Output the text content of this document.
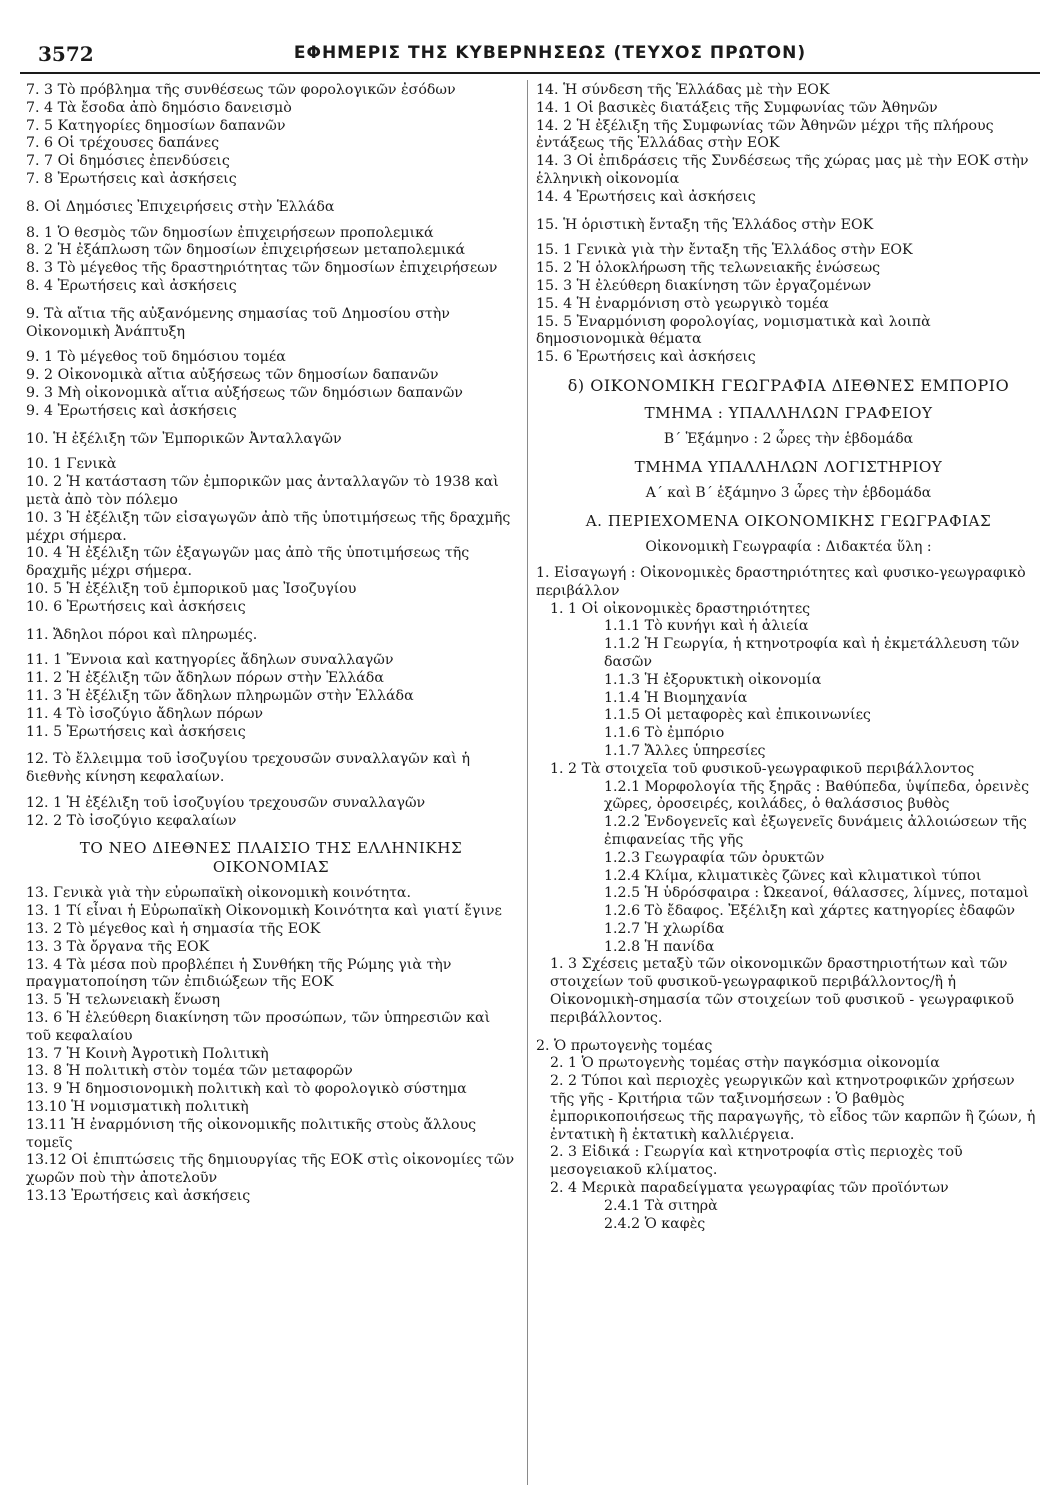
3572	ΕΦΗΜΕΡΙΣ ΤΗΣ ΚΥΒΕΡΝΗΣΕΩΣ (ΤΕΥΧΟΣ ΠΡΩΤΟΝ)

7. 3 Τὸ πρόβλημα τῆς συνθέσεως τῶν φορολογικῶν ἐσόδων

7. 4 Τὰ ἔσοδα ἀπὸ δημόσιο δανεισμὸ

7. 5 Κατηγορίες δημοσίων δαπανῶν

7. 6 Οἱ τρέχουσες δαπάνες

7. 7 Οἱ δημόσιες ἐπενδύσεις

7. 8 Ἐρωτήσεις καὶ ἀσκήσεις

8. Οἱ Δημόσιες Ἐπιχειρήσεις στὴν Ἑλλάδα

8. 1 Ὁ θεσμὸς τῶν δημοσίων ἐπιχειρήσεων προπολεμικά

8. 2 Ἡ ἐξάπλωση τῶν δημοσίων ἐπιχειρήσεων μεταπολεμικά

8. 3 Τὸ μέγεθος τῆς δραστηριότητας τῶν δημοσίων ἐπιχειρήσεων

8. 4 Ἐρωτήσεις καὶ ἀσκήσεις

9. Τὰ αἴτια τῆς αὐξανόμενης σημασίας τοῦ Δημοσίου στὴν Οἰκονομικὴ Ἀνάπτυξη

9. 1 Τὸ μέγεθος τοῦ δημόσιου τομέα

9. 2 Οἰκονομικὰ αἴτια αὐξήσεως τῶν δημοσίων δαπανῶν

9. 3 Μὴ οἰκονομικὰ αἴτια αὐξήσεως τῶν δημόσιων δαπανῶν

9. 4 Ἐρωτήσεις καὶ ἀσκήσεις

10. Ἡ ἐξέλιξη τῶν Ἐμπορικῶν Ἀνταλλαγῶν

10. 1 Γενικὰ

10. 2 Ἡ κατάσταση τῶν ἐμπορικῶν μας ἀνταλλαγῶν τὸ 1938 καὶ μετὰ ἀπὸ τὸν πόλεμο

10. 3 Ἡ ἐξέλιξη τῶν εἰσαγωγῶν ἀπὸ τῆς ὑποτιμήσεως τῆς δραχμῆς μέχρι σήμερα.

10. 4 Ἡ ἐξέλιξη τῶν ἐξαγωγῶν μας ἀπὸ τῆς ὑποτιμήσεως τῆς δραχμῆς μέχρι σήμερα.

10. 5 Ἡ ἐξέλιξη τοῦ ἐμπορικοῦ μας Ἰσοζυγίου

10. 6 Ἐρωτήσεις καὶ ἀσκήσεις

11. Ἄδηλοι πόροι καὶ πληρωμές.

11. 1 Ἔννοια καὶ κατηγορίες ἄδηλων συναλλαγῶν

11. 2 Ἡ ἐξέλιξη τῶν ἄδηλων πόρων στὴν Ἑλλάδα

11. 3 Ἡ ἐξέλιξη τῶν ἄδηλων πληρωμῶν στὴν Ἑλλάδα

11. 4 Τὸ ἰσοζύγιο ἄδηλων πόρων

11. 5 Ἐρωτήσεις καὶ ἀσκήσεις

12. Τὸ ἔλλειμμα τοῦ ἰσοζυγίου τρεχουσῶν συναλλαγῶν καὶ ἡ διεθνὴς κίνηση κεφαλαίων.

12. 1 Ἡ ἐξέλιξη τοῦ ἰσοζυγίου τρεχουσῶν συναλλαγῶν

12. 2 Τὸ ἰσοζύγιο κεφαλαίων

ΤΟ ΝΕΟ ΔΙΕΘΝΕΣ ΠΛΑΙΣΙΟ ΤΗΣ ΕΛΛΗΝΙΚΗΣ ΟΙΚΟΝΟΜΙΑΣ

13. Γενικὰ γιὰ τὴν εὐρωπαϊκὴ οἰκονομικὴ κοινότητα.

13. 1 Τί εἶναι ἡ Εὐρωπαϊκὴ Οἰκονομικὴ Κοινότητα καὶ γιατί ἔγινε

13. 2 Τὸ μέγεθος καὶ ἡ σημασία τῆς ΕΟΚ

13. 3 Τὰ ὄργανα τῆς ΕΟΚ

13. 4 Τὰ μέσα ποὺ προβλέπει ἡ Συνθήκη τῆς Ρώμης γιὰ τὴν πραγματοποίηση τῶν ἐπιδιώξεων τῆς ΕΟΚ

13. 5 Ἡ τελωνειακὴ ἕνωση

13. 6 Ἡ ἐλεύθερη διακίνηση τῶν προσώπων, τῶν ὑπηρεσιῶν καὶ τοῦ κεφαλαίου

13. 7 Ἡ Κοινὴ Ἀγροτικὴ Πολιτικὴ

13. 8 Ἡ πολιτικὴ στὸν τομέα τῶν μεταφορῶν

13. 9 Ἡ δημοσιονομικὴ πολιτικὴ καὶ τὸ φορολογικὸ σύστημα

13.10 Ἡ νομισματικὴ πολιτικὴ

13.11 Ἡ ἐναρμόνιση τῆς οἰκονομικῆς πολιτικῆς στοὺς ἄλλους τομεῖς

13.12 Οἱ ἐπιπτώσεις τῆς δημιουργίας τῆς ΕΟΚ στὶς οἰκονομίες τῶν χωρῶν ποὺ τὴν ἀποτελοῦν

13.13 Ἐρωτήσεις καὶ ἀσκήσεις

14. Ἡ σύνδεση τῆς Ἑλλάδας μὲ τὴν ΕΟΚ

14. 1 Οἱ βασικὲς διατάξεις τῆς Συμφωνίας τῶν Ἀθηνῶν

14. 2 Ἡ ἐξέλιξη τῆς Συμφωνίας τῶν Ἀθηνῶν μέχρι τῆς πλήρους ἐντάξεως τῆς Ἑλλάδας στὴν ΕΟΚ

14. 3 Οἱ ἐπιδράσεις τῆς Συνδέσεως τῆς χώρας μας μὲ τὴν ΕΟΚ στὴν ἑλληνικὴ οἰκονομία

14. 4 Ἐρωτήσεις καὶ ἀσκήσεις

15. Ἡ ὁριστικὴ ἔνταξη τῆς Ἑλλάδος στὴν ΕΟΚ

15. 1 Γενικὰ γιὰ τὴν ἔνταξη τῆς Ἑλλάδος στὴν ΕΟΚ

15. 2 Ἡ ὁλοκλήρωση τῆς τελωνειακῆς ἑνώσεως

15. 3 Ἡ ἐλεύθερη διακίνηση τῶν ἐργαζομένων

15. 4 Ἡ ἐναρμόνιση στὸ γεωργικὸ τομέα

15. 5 Ἐναρμόνιση φορολογίας, νομισματικὰ καὶ λοιπὰ δημοσιονομικὰ θέματα

15. 6 Ἐρωτήσεις καὶ ἀσκήσεις

δ) ΟΙΚΟΝΟΜΙΚΗ ΓΕΩΓΡΑΦΙΑ ΔΙΕΘΝΕΣ ΕΜΠΟΡΙΟ

ΤΜΗΜΑ : ΥΠΑΛΛΗΛΩΝ ΓΡΑΦΕΙΟΥ

Β΄ Ἑξάμηνο : 2 ὧρες τὴν ἑβδομάδα

ΤΜΗΜΑ ΥΠΑΛΛΗΛΩΝ ΛΟΓΙΣΤΗΡΙΟΥ

Α΄ καὶ Β΄ ἑξάμηνο 3 ὧρες τὴν ἑβδομάδα

Α. ΠΕΡΙΕΧΟΜΕΝΑ ΟΙΚΟΝΟΜΙΚΗΣ ΓΕΩΓΡΑΦΙΑΣ

Οἰκονομικὴ Γεωγραφία : Διδακτέα ὕλη :

1. Εἰσαγωγή : Οἰκονομικὲς δραστηριότητες καὶ φυσικο-γεωγραφικὸ περιβάλλον

1. 1 Οἱ οἰκονομικὲς δραστηριότητες

1.1.1 Τὸ κυνήγι καὶ ἡ ἁλιεία

1.1.2 Ἡ Γεωργία, ἡ κτηνοτροφία καὶ ἡ ἐκμετάλλευση τῶν δασῶν

1.1.3 Ἡ ἐξορυκτικὴ οἰκονομία

1.1.4 Ἡ Βιομηχανία

1.1.5 Οἱ μεταφορὲς καὶ ἐπικοινωνίες

1.1.6 Τὸ ἐμπόριο

1.1.7 Ἄλλες ὑπηρεσίες

1. 2 Τὰ στοιχεῖα τοῦ φυσικοῦ-γεωγραφικοῦ περιβάλλοντος

1.2.1 Μορφολογία τῆς ξηρᾶς : Βαθύπεδα, ὑψίπεδα, ὀρεινὲς χῶρες, ὀροσειρές, κοιλάδες, ὁ θαλάσσιος βυθὸς

1.2.2 Ἐνδογενεῖς καὶ ἐξωγενεῖς δυνάμεις ἀλλοιώσεων τῆς ἐπιφανείας τῆς γῆς

1.2.3 Γεωγραφία τῶν ὀρυκτῶν

1.2.4 Κλίμα, κλιματικὲς ζῶνες καὶ κλιματικοὶ τύποι

1.2.5 Ἡ ὑδρόσφαιρα : Ὠκεανοί, θάλασσες, λίμνες, ποταμοὶ

1.2.6 Τὸ ἔδαφος. Ἐξέλιξη καὶ χάρτες κατηγορίες ἐδαφῶν

1.2.7 Ἡ χλωρίδα

1.2.8 Ἡ πανίδα

1. 3 Σχέσεις μεταξὺ τῶν οἰκονομικῶν δραστηριοτήτων καὶ τῶν στοιχείων τοῦ φυσικοῦ-γεωγραφικοῦ περιβάλλοντος/ἢ ἡ Οἰκονομικὴ-σημασία τῶν στοιχείων τοῦ φυσικοῦ - γεωγραφικοῦ περιβάλλοντος.

2. Ὁ πρωτογενὴς τομέας

2. 1 Ὁ πρωτογενὴς τομέας στὴν παγκόσμια οἰκονομία

2. 2 Τύποι καὶ περιοχὲς γεωργικῶν καὶ κτηνοτροφικῶν χρήσεων τῆς γῆς - Κριτήρια τῶν ταξινομήσεων : Ὁ βαθμὸς ἐμπορικοποιήσεως τῆς παραγωγῆς, τὸ εἶδος τῶν καρπῶν ἢ ζώων, ἡ ἐντατικὴ ἢ ἐκτατικὴ καλλιέργεια.

2. 3 Εἰδικά : Γεωργία καὶ κτηνοτροφία στὶς περιοχὲς τοῦ μεσογειακοῦ κλίματος.

2. 4 Μερικὰ παραδείγματα γεωγραφίας τῶν προϊόντων

2.4.1 Τὰ σιτηρὰ

2.4.2 Ὁ καφὲς
